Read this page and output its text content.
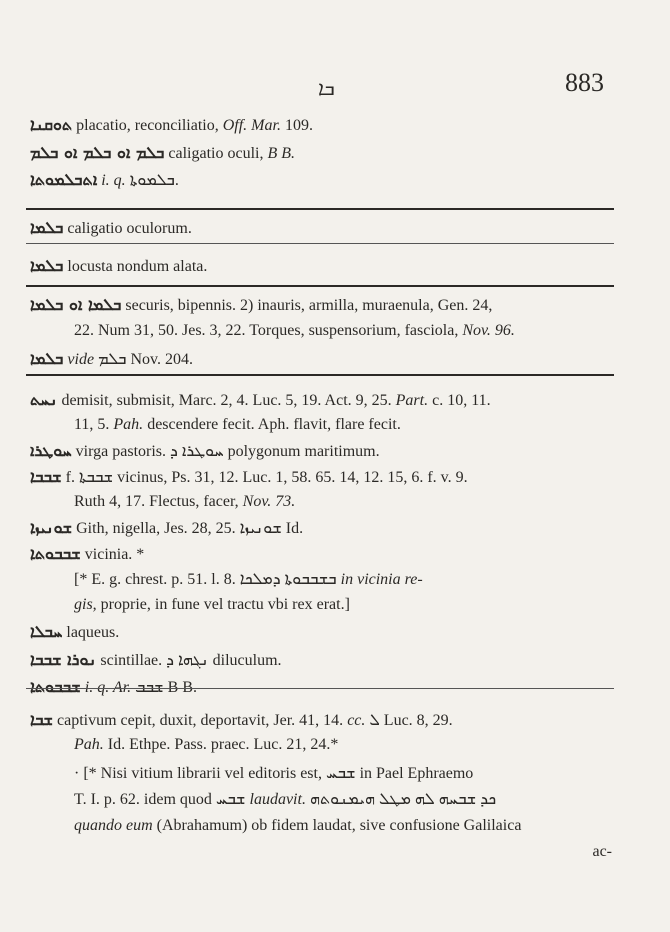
ܒܐ	883
ܬܘܩܢܐ placatio, reconciliatio, Off. Mar. 109.
ܒܠܡ ܐܘ ܒܠܡ ܐܘ ܒܠܡ caligatio oculi, B B.
ܐܬܒܠܡܘܬܐ i. q. ܒܠܡܘܬܐ.
ܒܠܡܐ caligatio oculorum.
ܒܠܡܐ locusta nondum alata.
ܒܠܡܐ ܐܘ ܒܠܡܐ securis, bipennis. 2) inauris, armilla, muraenula, Gen. 24,
22. Num 31, 50. Jes. 3, 22. Torques, suspensorium, fasciola, Nov. 96.
ܒܠܡܐ vide ܒܠܡ Nov. 204.
ܢܚܬ demisit, submisit, Marc. 2, 4. Luc. 5, 19. Act. 9, 25. Part. c. 10, 11.
11, 5. Pah. descendere fecit. Aph. flavit, flare fecit.
ܚܘܛܪܐ virga pastoris. ܚܘܛܪܐ ܕ polygonum maritimum.
ܫܒܒܐ f. ܫܒܒܬܐ vicinus, Ps. 31, 12. Luc. 1, 58. 65. 14, 12. 15, 6. f. v. 9.
Ruth 4, 17. Flectus, facer, Nov. 73.
ܫܘܢܝܙܐ Gith, nigella, Jes. 28, 25. ܫܘܢܝܙܐ Id.
ܫܒܒܘܬܐ vicinia. *
[* E. g. chrest. p. 51. l. 8. ܒܫܒܒܘܬܐ ܕܡܠܟܐ in vicinia re-
gis, proprie, in fune vel tractu vbi rex erat.]
ܚܒܠܐ laqueus.
ܢܘܪܐ ܫܒܒܐ scintillae. ܢܓܗܐ ܕ diluculum.
ܫܒܒܘܬܐ i. q. Ar. ܫܒܒ B B.
ܫܒܐ captivum cepit, duxit, deportavit, Jer. 41, 14. cc. ܠ Luc. 8, 29.
Pah. Id. Ethpe. Pass. praec. Luc. 21, 24.*
· [* Nisi vitium librarii vel editoris est, ܫܒܚ in Pael Ephraemo
T. I. p. 62. idem quod ܫܒܚ laudavit. ܟܕ ܫܒܚܗ ܠܗ ܡܛܠ ܗܝܡܢܘܬܗ
quando eum (Abrahamum) ob fidem laudat, sive confusione Galilaica
ac-
